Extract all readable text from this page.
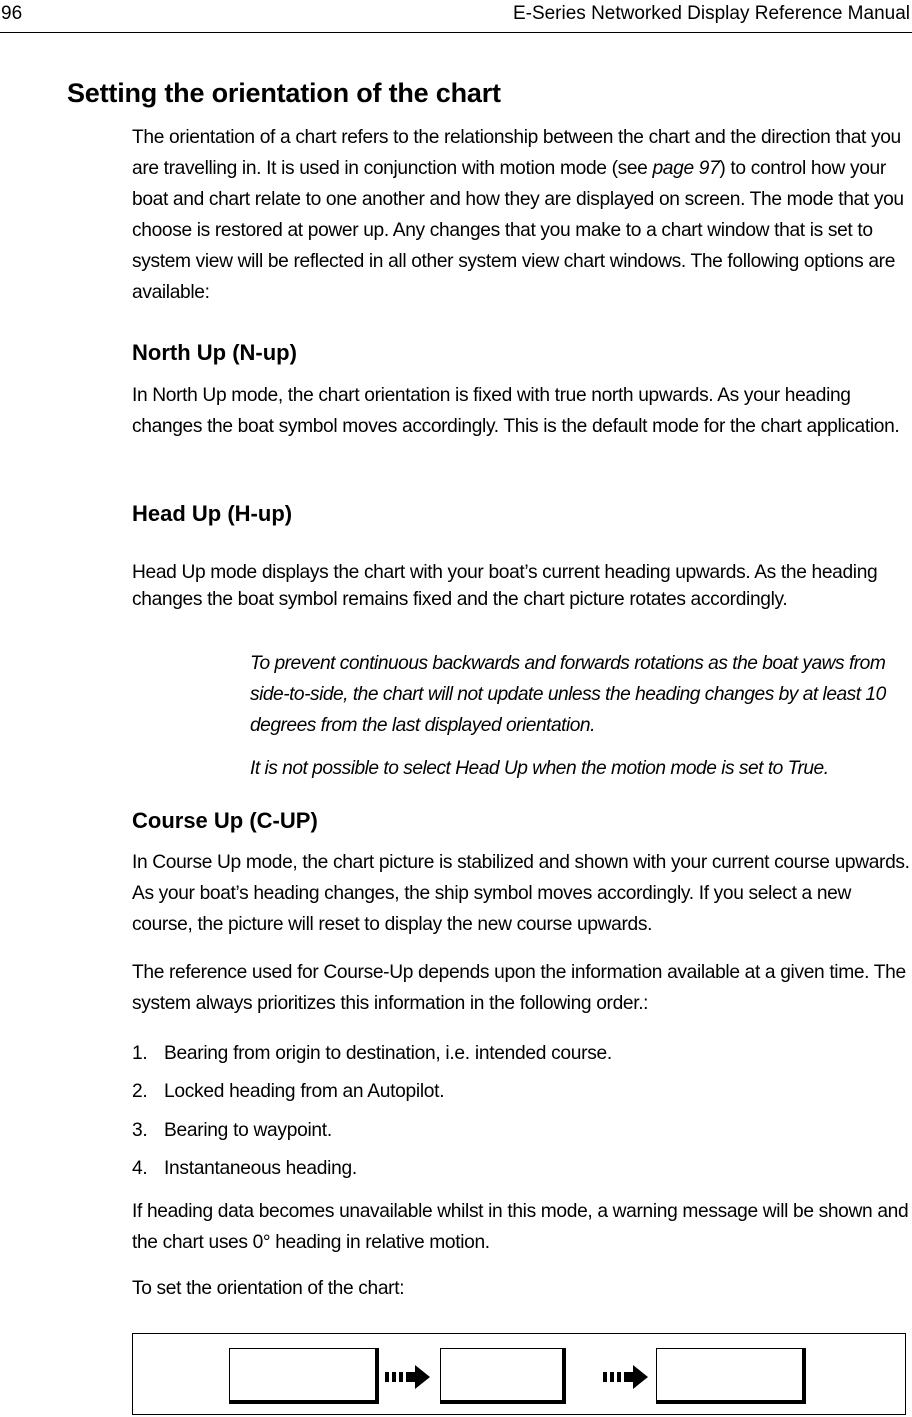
96	E-Series Networked Display Reference Manual
Setting the orientation of the chart

The orientation of a chart refers to the relationship between the chart and the direction that you are travelling in. It is used in conjunction with motion mode (see page 97) to control how your boat and chart relate to one another and how they are displayed on screen. The mode that you choose is restored at power up. Any changes that you make to a chart window that is set to system view will be reflected in all other system view chart windows. The following options are available:

North Up (N-up)

In North Up mode, the chart orientation is fixed with true north upwards. As your heading changes the boat symbol moves accordingly. This is the default mode for the chart application.

Head Up (H-up)

Head Up mode displays the chart with your boat’s current heading upwards. As the heading changes the boat symbol remains fixed and the chart picture rotates accordingly.

To prevent continuous backwards and forwards rotations as the boat yaws from side-to-side, the chart will not update unless the heading changes by at least 10 degrees from the last displayed orientation.

It is not possible to select Head Up when the motion mode is set to True.

Course Up (C-UP)

In Course Up mode, the chart picture is stabilized and shown with your current course upwards. As your boat’s heading changes, the ship symbol moves accordingly. If you select a new course, the picture will reset to display the new course upwards.

The reference used for Course-Up depends upon the information available at a given time. The system always prioritizes this information in the following order.:

1. Bearing from origin to destination, i.e. intended course.
2. Locked heading from an Autopilot.
3. Bearing to waypoint.
4. Instantaneous heading.

If heading data becomes unavailable whilst in this mode, a warning message will be shown and the chart uses 0° heading in relative motion.

To set the orientation of the chart:
